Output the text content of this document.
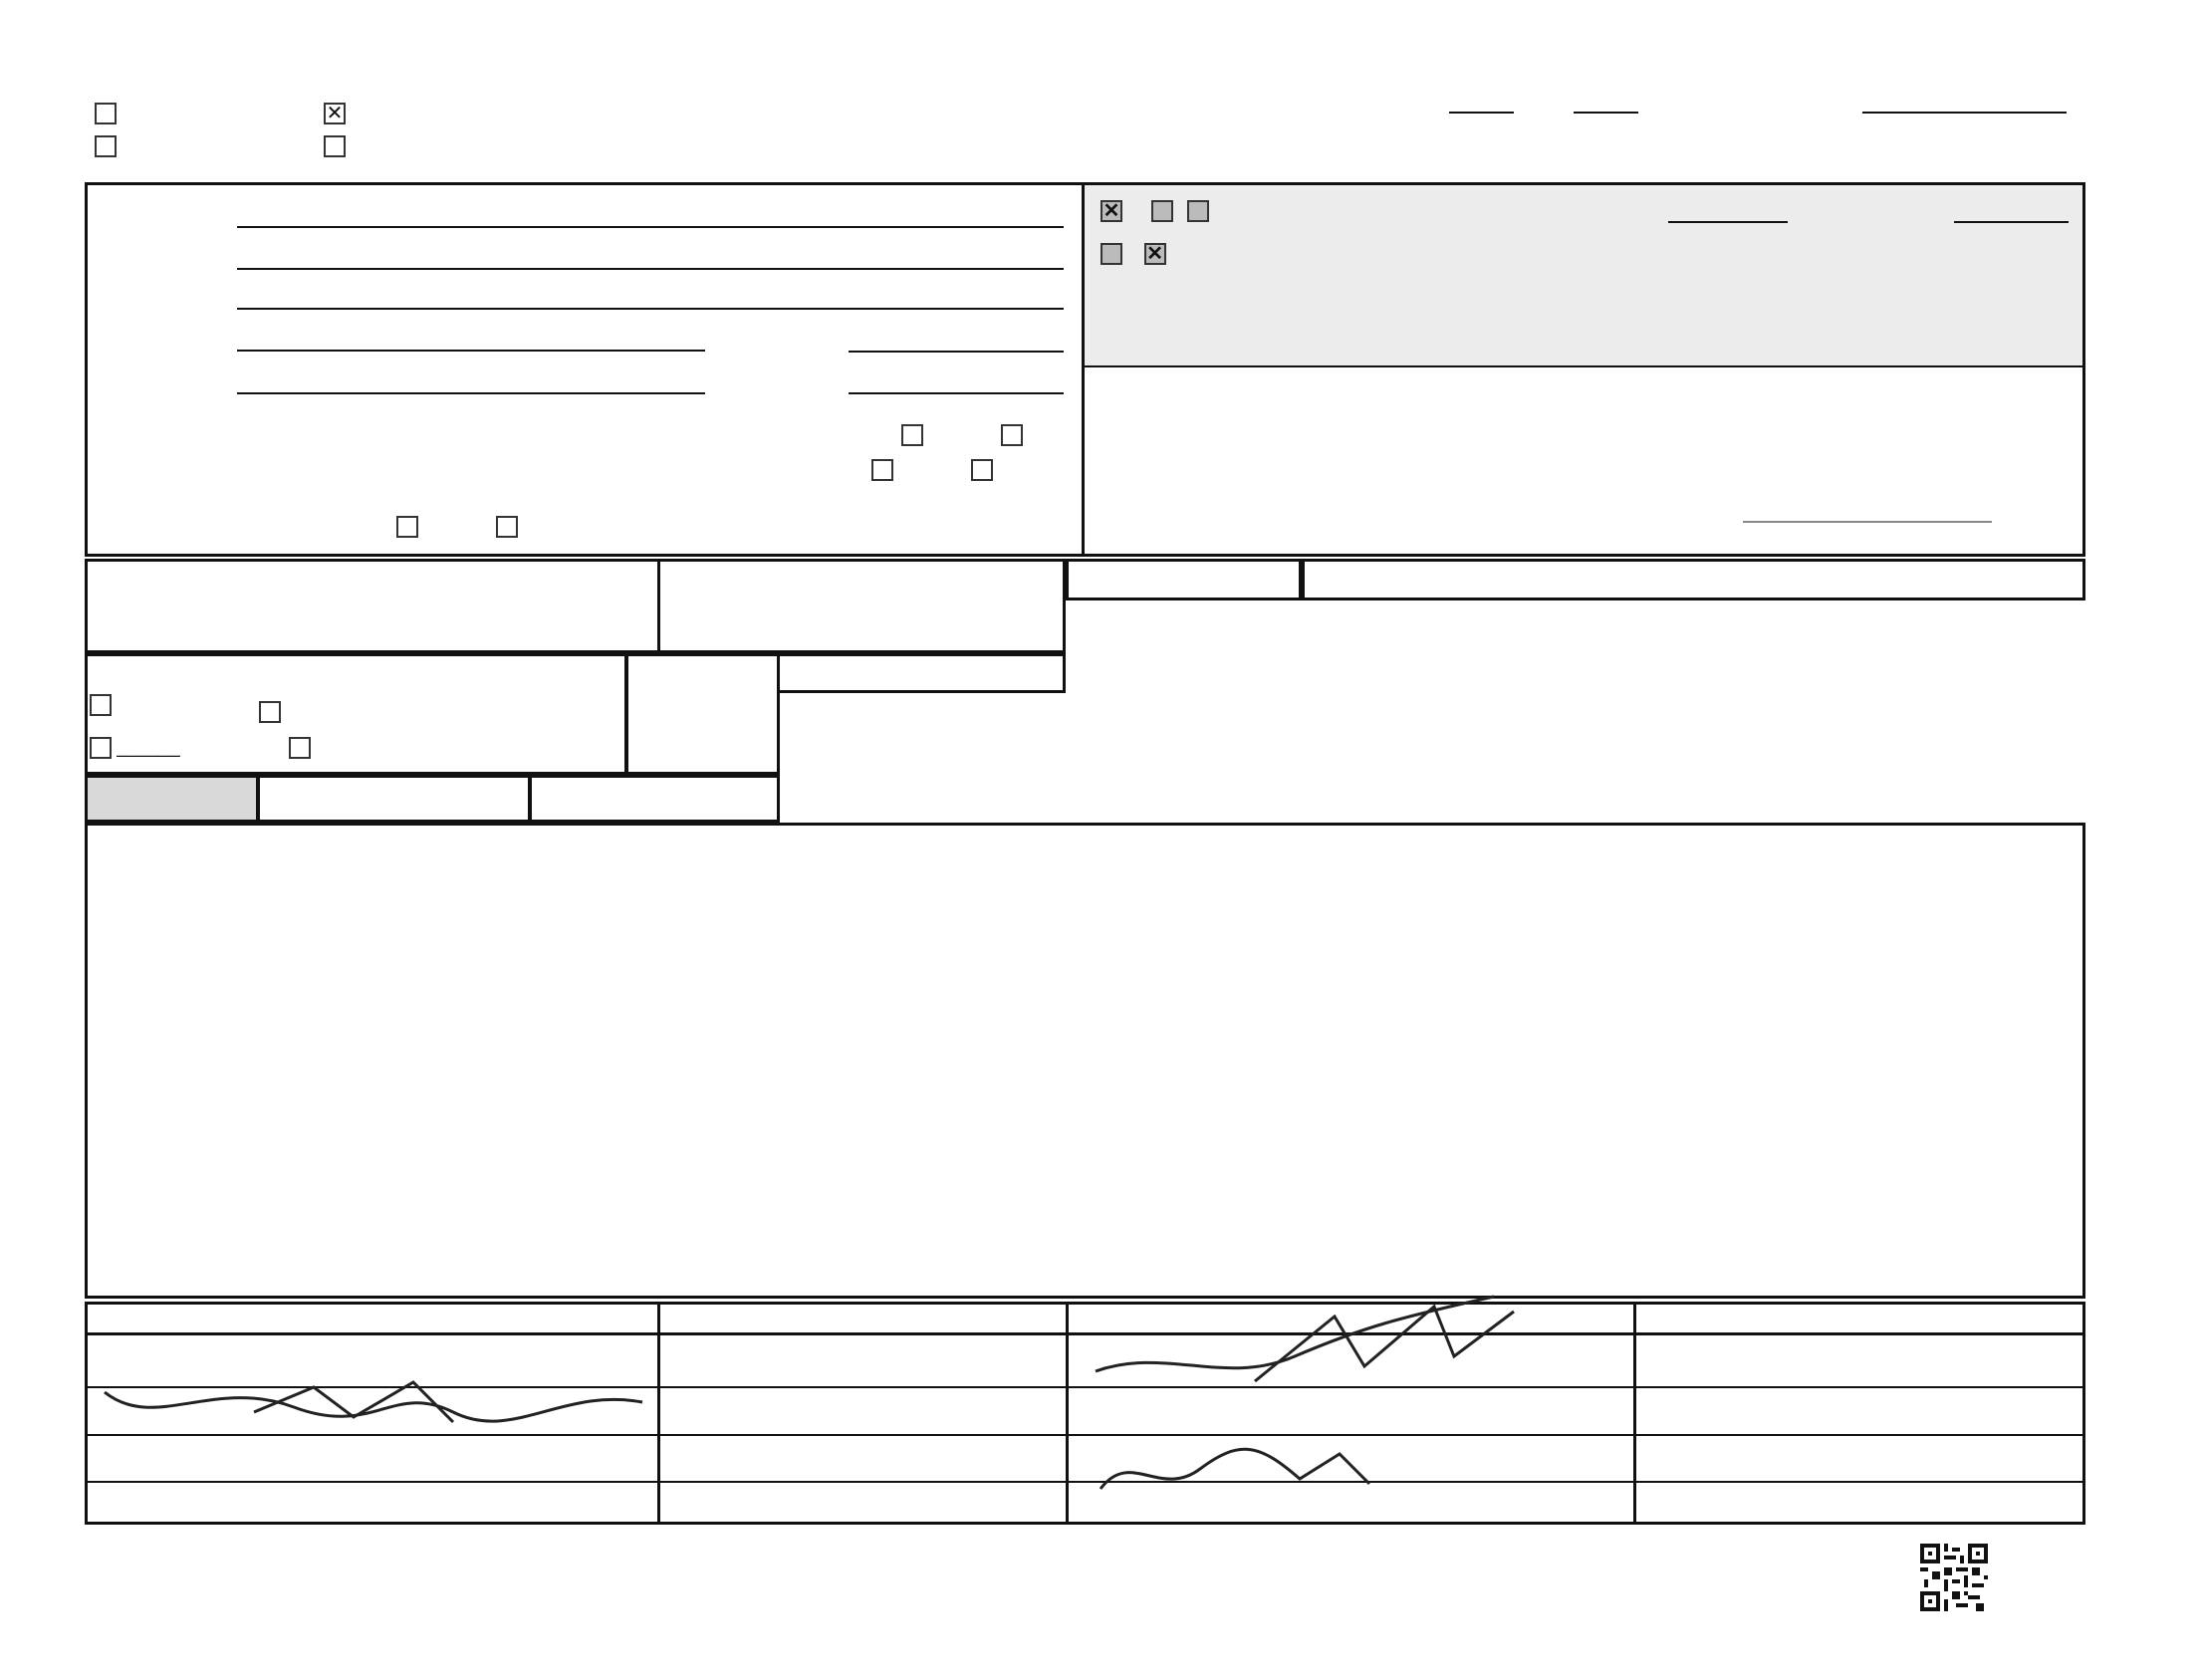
✕
✕
✕
______
